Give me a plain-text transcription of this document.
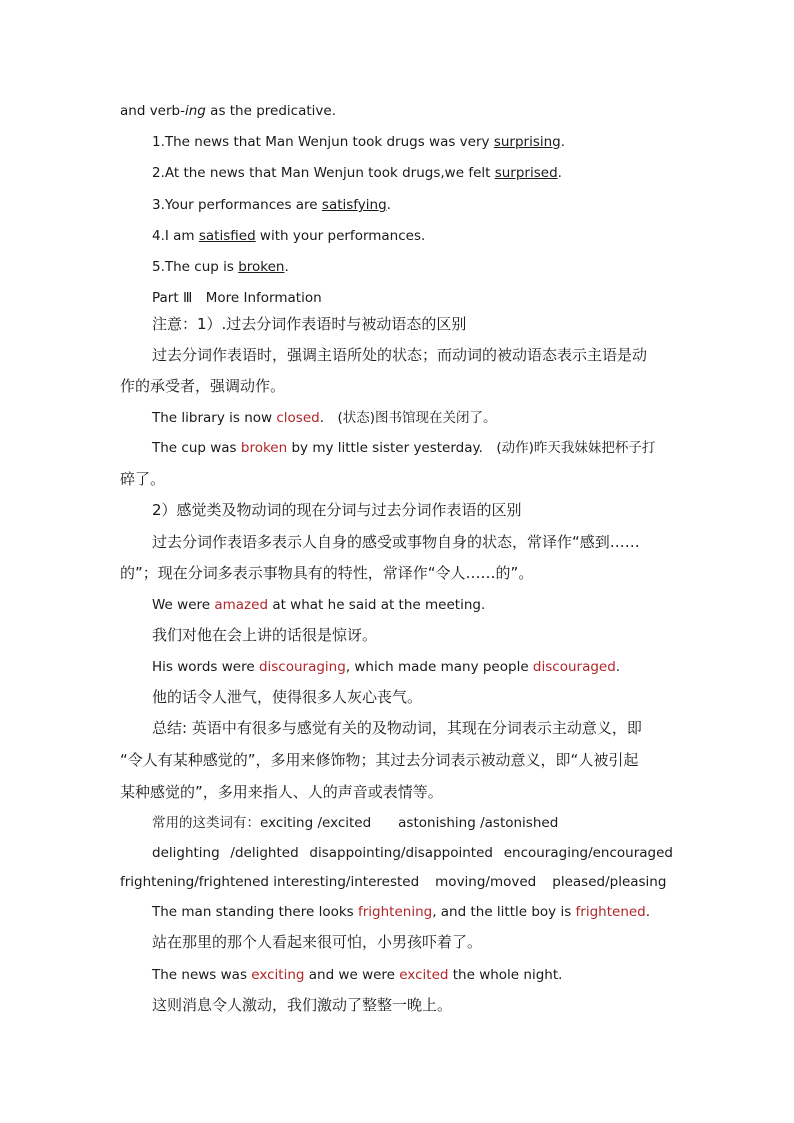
and verb-ing as the predicative.
1.The news that Man Wenjun took drugs was very surprising.
2.At the news that Man Wenjun took drugs,we felt surprised.
3.Your performances are satisfying.
4.I am satisfied with your performances.
5.The cup is broken.
Part Ⅲ　More Information
注意：1）.过去分词作表语时与被动语态的区别
过去分词作表语时，强调主语所处的状态；而动词的被动语态表示主语是动
作的承受者，强调动作。
The library is now closed.　(状态)图书馆现在关闭了。
The cup was broken by my little sister yesterday.　(动作)昨天我妹妹把杯子打
碎了。
2）感觉类及物动词的现在分词与过去分词作表语的区别
过去分词作表语多表示人自身的感受或事物自身的状态，常译作“感到……
的”；现在分词多表示事物具有的特性，常译作“令人……的”。
We were amazed at what he said at the meeting.
我们对他在会上讲的话很是惊讶。
His words were discouraging, which made many people discouraged.
他的话令人泄气，使得很多人灰心丧气。
总结: 英语中有很多与感觉有关的及物动词，其现在分词表示主动意义，即
“令人有某种感觉的”，多用来修饰物；其过去分词表示被动意义，即“人被引起
某种感觉的”，多用来指人、人的声音或表情等。
常用的这类词有：exciting /excited　　astonishing /astonished
delighting /delighted disappointing/disappointed encouraging/encouraged
frightening/frightened interesting/interested moving/moved pleased/pleasing
The man standing there looks frightening, and the little boy is frightened.
站在那里的那个人看起来很可怕，小男孩吓着了。
The news was exciting and we were excited the whole night.
这则消息令人激动，我们激动了整整一晚上。
